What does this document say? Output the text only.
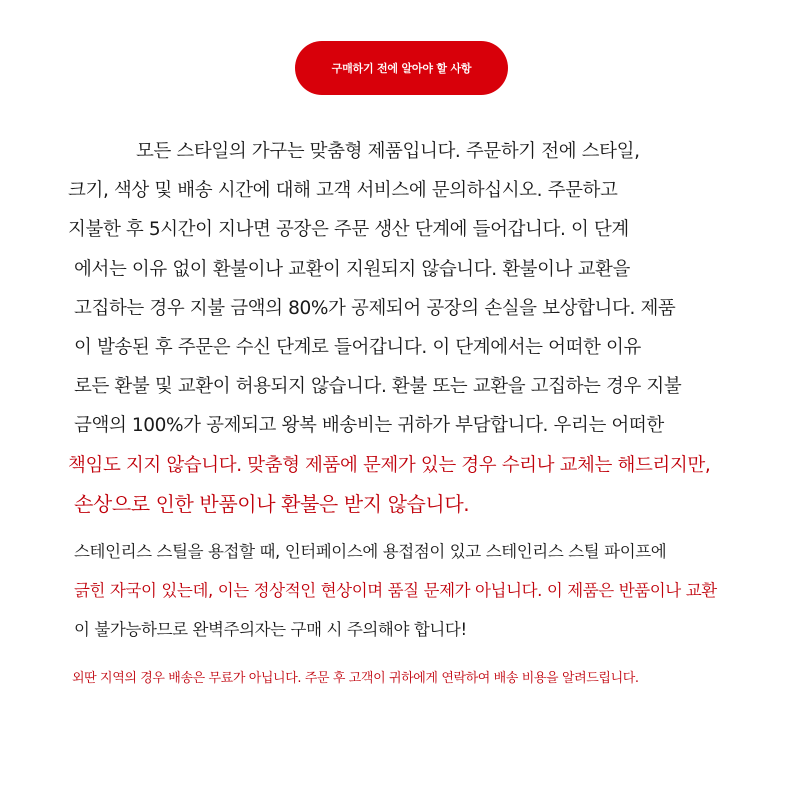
구매하기 전에 알아야 할 사항
모든 스타일의 가구는 맞춤형 제품입니다. 주문하기 전에 스타일,
크기, 색상 및 배송 시간에 대해 고객 서비스에 문의하십시오. 주문하고
지불한 후 5시간이 지나면 공장은 주문 생산 단계에 들어갑니다. 이 단계
에서는 이유 없이 환불이나 교환이 지원되지 않습니다. 환불이나 교환을
고집하는 경우 지불 금액의 80%가 공제되어 공장의 손실을 보상합니다. 제품
이 발송된 후 주문은 수신 단계로 들어갑니다. 이 단계에서는 어떠한 이유
로든 환불 및 교환이 허용되지 않습니다. 환불 또는 교환을 고집하는 경우 지불
금액의 100%가 공제되고 왕복 배송비는 귀하가 부담합니다. 우리는 어떠한
책임도 지지 않습니다. 맞춤형 제품에 문제가 있는 경우 수리나 교체는 해드리지만,
손상으로 인한 반품이나 환불은 받지 않습니다.
스테인리스 스틸을 용접할 때, 인터페이스에 용접점이 있고 스테인리스 스틸 파이프에
긁힌 자국이 있는데, 이는 정상적인 현상이며 품질 문제가 아닙니다. 이 제품은 반품이나 교환
이 불가능하므로 완벽주의자는 구매 시 주의해야 합니다!
외딴 지역의 경우 배송은 무료가 아닙니다. 주문 후 고객이 귀하에게 연락하여 배송 비용을 알려드립니다.
